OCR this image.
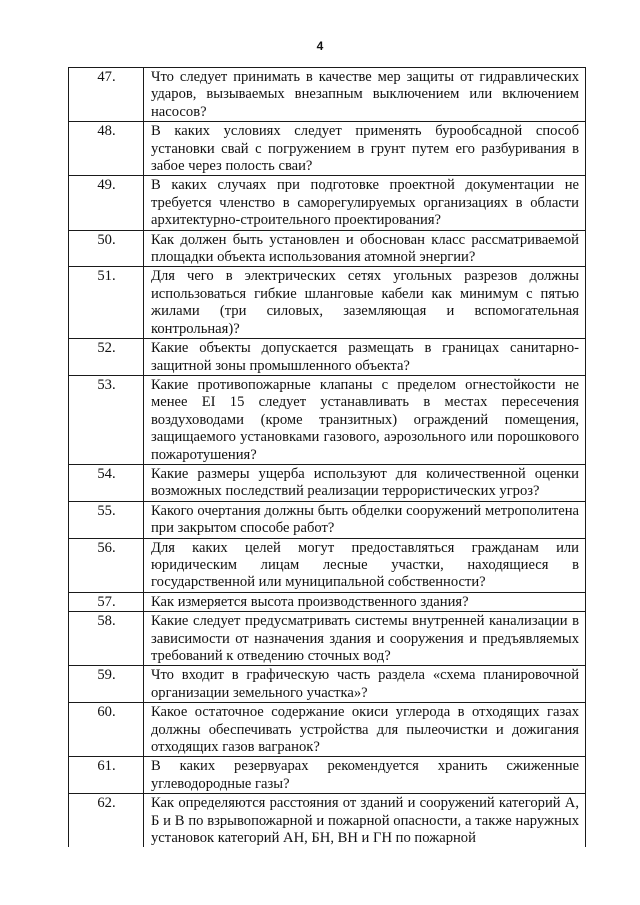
4
47.	Что следует принимать в качестве мер защиты от гидравлических ударов, вызываемых внезапным выключением или включением насосов?
48.	В каких условиях следует применять буроoбсадной способ установки свай с погружением в грунт путем его разбуривания в забое через полость сваи?
49.	В каких случаях при подготовке проектной документации не требуется членство в саморегулируемых организациях в области архитектурно-строительного проектирования?
50.	Как должен быть установлен и обоснован класс рассматриваемой площадки объекта использования атомной энергии?
51.	Для чего в электрических сетях угольных разрезов должны использоваться гибкие шланговые кабели как минимум с пятью жилами (три силовых, заземляющая и вспомогательная контрольная)?
52.	Какие объекты допускается размещать в границах санитарно-защитной зоны промышленного объекта?
53.	Какие противопожарные клапаны с пределом огнестойкости не менее EI 15 следует устанавливать в местах пересечения воздуховодами (кроме транзитных) ограждений помещения, защищаемого установками газового, аэрозольного или порошкового пожаротушения?
54.	Какие размеры ущерба используют для количественной оценки возможных последствий реализации террористических угроз?
55.	Какого очертания должны быть обделки сооружений метрополитена при закрытом способе работ?
56.	Для каких целей могут предоставляться гражданам или юридическим лицам лесные участки, находящиеся в государственной или муниципальной собственности?
57.	Как измеряется высота производственного здания?
58.	Какие следует предусматривать системы внутренней канализации в зависимости от назначения здания и сооружения и предъявляемых требований к отведению сточных вод?
59.	Что входит в графическую часть раздела «схема планировочной организации земельного участка»?
60.	Какое остаточное содержание окиси углерода в отходящих газах должны обеспечивать устройства для пылеочистки и дожигания отходящих газов вагранок?
61.	В каких резервуарах рекомендуется хранить сжиженные углеводородные газы?
62.	Как определяются расстояния от зданий и сооружений категорий А, Б и В по взрывопожарной и пожарной опасности, а также наружных установок категорий АН, БН, ВН и ГН по пожарной
